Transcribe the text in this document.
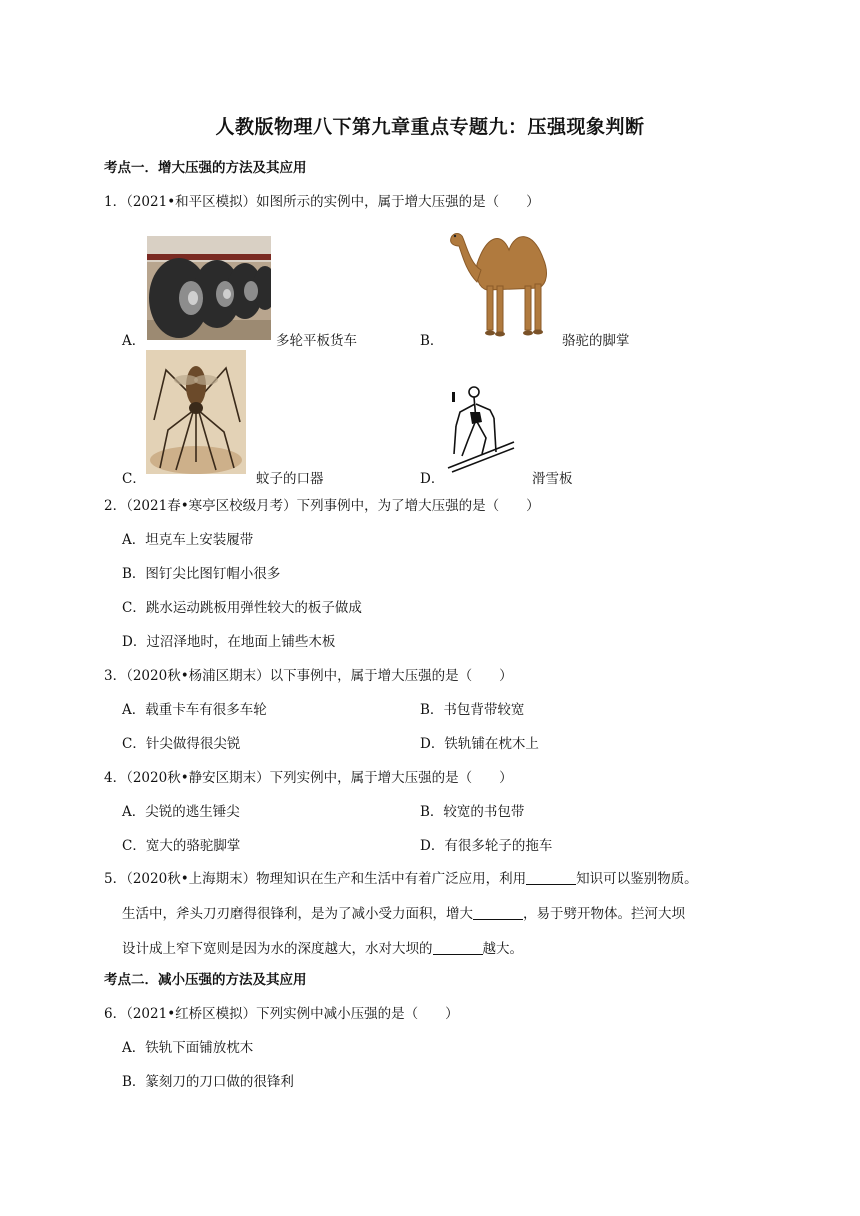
人教版物理八下第九章重点专题九：压强现象判断
考点一．增大压强的方法及其应用
1．（2021•和平区模拟）如图所示的实例中，属于增大压强的是（　　）
A．	多轮平板货车	B．	骆驼的脚掌
C．	蚊子的口器	D．	滑雪板
2．（2021春•寒亭区校级月考）下列事例中，为了增大压强的是（　　）
A．坦克车上安装履带
B．图钉尖比图钉帽小很多
C．跳水运动跳板用弹性较大的板子做成
D．过沼泽地时，在地面上铺些木板
3．（2020秋•杨浦区期末）以下事例中，属于增大压强的是（　　）
A．载重卡车有很多车轮	B．书包背带较宽
C．针尖做得很尖锐	D．铁轨铺在枕木上
4．（2020秋•静安区期末）下列实例中，属于增大压强的是（　　）
A．尖锐的逃生锤尖	B．较宽的书包带
C．宽大的骆驼脚掌	D．有很多轮子的拖车
5．（2020秋•上海期末）物理知识在生产和生活中有着广泛应用，利用	知识可以鉴别物质。
生活中，斧头刀刃磨得很锋利，是为了减小受力面积，增大	，易于劈开物体。拦河大坝
设计成上窄下宽则是因为水的深度越大，水对大坝的	越大。
考点二．减小压强的方法及其应用
6．（2021•红桥区模拟）下列实例中减小压强的是（　　）
A．铁轨下面铺放枕木
B．篆刻刀的刀口做的很锋利
